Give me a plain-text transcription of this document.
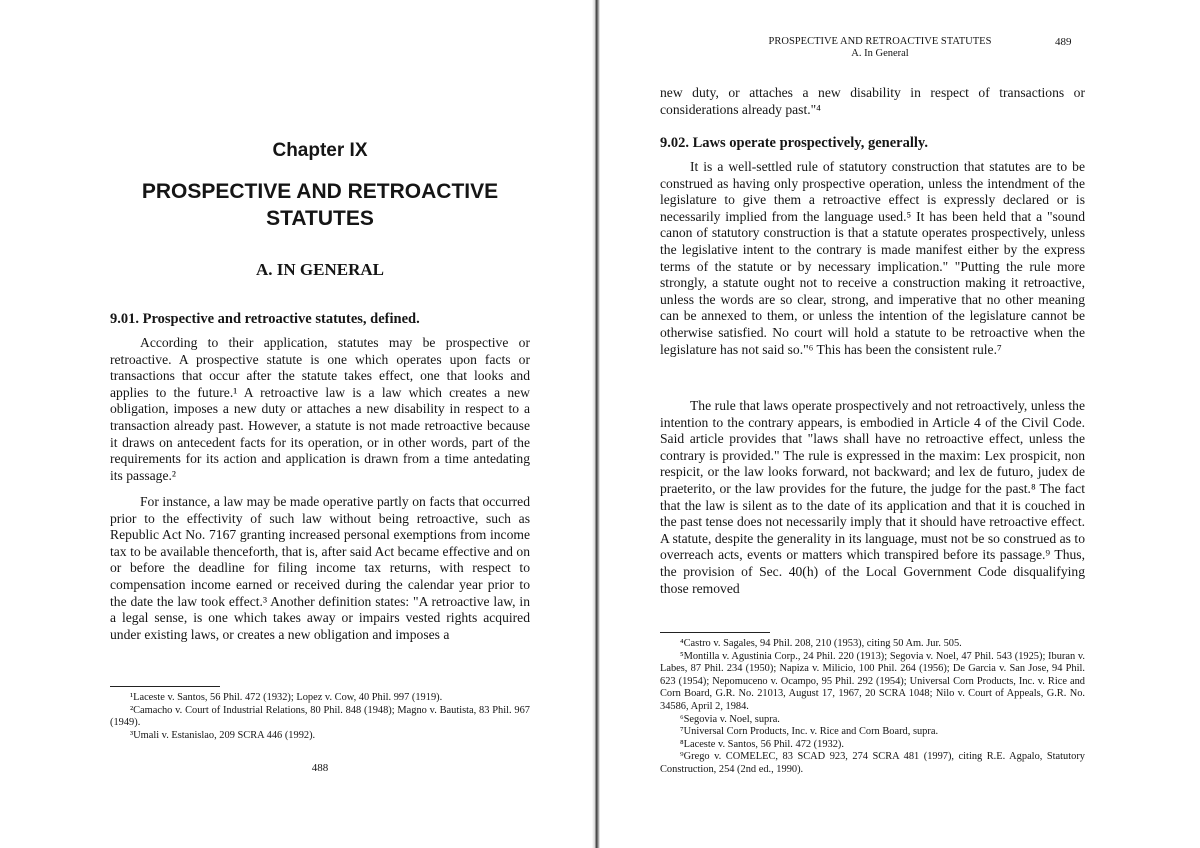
Chapter IX
PROSPECTIVE AND RETROACTIVE STATUTES
A. IN GENERAL
9.01. Prospective and retroactive statutes, defined.

According to their application, statutes may be prospective or retroactive. A prospective statute is one which operates upon facts or transactions that occur after the statute takes effect, one that looks and applies to the future.¹ A retroactive law is a law which creates a new obligation, imposes a new duty or attaches a new disability in respect to a transaction already past. However, a statute is not made retroactive because it draws on antecedent facts for its operation, or in other words, part of the requirements for its action and application is drawn from a time antedating its passage.²

For instance, a law may be made operative partly on facts that occurred prior to the effectivity of such law without being retroactive, such as Republic Act No. 7167 granting increased personal exemptions from income tax to be available thenceforth, that is, after said Act became effective and on or before the deadline for filing income tax returns, with respect to compensation income earned or received during the calendar year prior to the date the law took effect.³ Another definition states: "A retroactive law, in a legal sense, is one which takes away or impairs vested rights acquired under existing laws, or creates a new obligation and imposes a

¹Laceste v. Santos, 56 Phil. 472 (1932); Lopez v. Cow, 40 Phil. 997 (1919).

²Camacho v. Court of Industrial Relations, 80 Phil. 848 (1948); Magno v. Bautista, 83 Phil. 967 (1949).

³Umali v. Estanislao, 209 SCRA 446 (1992).

488
PROSPECTIVE AND RETROACTIVE STATUTES
A. In General
489

new duty, or attaches a new disability in respect of transactions or considerations already past."⁴

9.02. Laws operate prospectively, generally.

It is a well-settled rule of statutory construction that statutes are to be construed as having only prospective operation, unless the intendment of the legislature to give them a retroactive effect is expressly declared or is necessarily implied from the language used.⁵ It has been held that a "sound canon of statutory construction is that a statute operates prospectively, unless the legislative intent to the contrary is made manifest either by the express terms of the statute or by necessary implication." "Putting the rule more strongly, a statute ought not to receive a construction making it retroactive, unless the words are so clear, strong, and imperative that no other meaning can be annexed to them, or unless the intention of the legislature cannot be otherwise satisfied. No court will hold a statute to be retroactive when the legislature has not said so."⁶ This has been the consistent rule.⁷

The rule that laws operate prospectively and not retroactively, unless the intention to the contrary appears, is embodied in Article 4 of the Civil Code. Said article provides that "laws shall have no retroactive effect, unless the contrary is provided." The rule is expressed in the maxim: Lex prospicit, non respicit, or the law looks forward, not backward; and lex de futuro, judex de praeterito, or the law provides for the future, the judge for the past.⁸ The fact that the law is silent as to the date of its application and that it is couched in the past tense does not necessarily imply that it should have retroactive effect. A statute, despite the generality in its language, must not be so construed as to overreach acts, events or matters which transpired before its passage.⁹ Thus, the provision of Sec. 40(h) of the Local Government Code disqualifying those removed

⁴Castro v. Sagales, 94 Phil. 208, 210 (1953), citing 50 Am. Jur. 505.

⁵Montilla v. Agustinia Corp., 24 Phil. 220 (1913); Segovia v. Noel, 47 Phil. 543 (1925); Iburan v. Labes, 87 Phil. 234 (1950); Napiza v. Milicio, 100 Phil. 264 (1956); De Garcia v. San Jose, 94 Phil. 623 (1954); Nepomuceno v. Ocampo, 95 Phil. 292 (1954); Universal Corn Products, Inc. v. Rice and Corn Board, G.R. No. 21013, August 17, 1967, 20 SCRA 1048; Nilo v. Court of Appeals, G.R. No. 34586, April 2, 1984.

⁶Segovia v. Noel, supra.

⁷Universal Corn Products, Inc. v. Rice and Corn Board, supra.

⁸Laceste v. Santos, 56 Phil. 472 (1932).

⁹Grego v. COMELEC, 83 SCAD 923, 274 SCRA 481 (1997), citing R.E. Agpalo, Statutory Construction, 254 (2nd ed., 1990).
